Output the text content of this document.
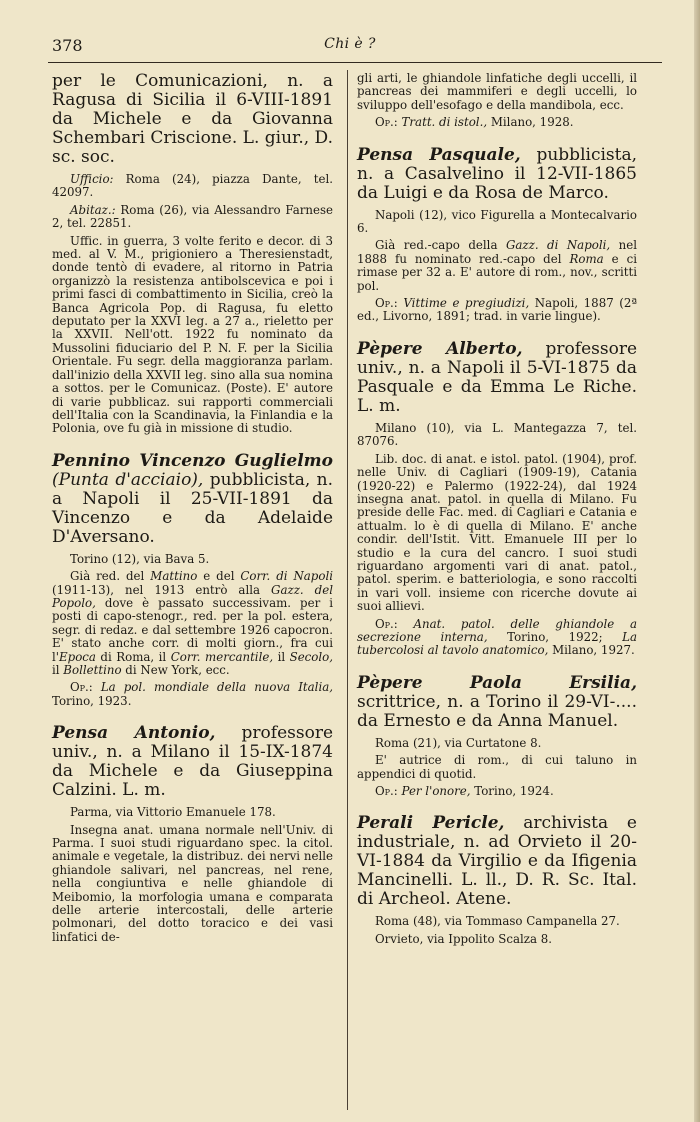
378	Chi è ?

per le Comunicazioni, n. a Ragusa di Sicilia il 6-VIII-1891 da Michele e da Giovanna Schembari Criscione. L. giur., D. sc. soc.

Ufficio: Roma (24), piazza Dante, tel. 42097.

Abitaz.: Roma (26), via Alessandro Farnese 2, tel. 22851.

Uffic. in guerra, 3 volte ferito e decor. di 3 med. al V. M., prigioniero a Theresienstadt, donde tentò di evadere, al ritorno in Patria organizzò la resistenza antibolscevica e poi i primi fasci di combattimento in Sicilia, creò la Banca Agricola Pop. di Ragusa, fu eletto deputato per la XXVI leg. a 27 a., rieletto per la XXVII. Nell'ott. 1922 fu nominato da Mussolini fiduciario del P. N. F. per la Sicilia Orientale. Fu segr. della maggioranza parlam. dall'inizio della XXVII leg. sino alla sua nomina a sottos. per le Comunicaz. (Poste). E' autore di varie pubblicaz. sui rapporti commerciali dell'Italia con la Scandinavia, la Finlandia e la Polonia, ove fu già in missione di studio.

Pennino Vincenzo Guglielmo (Punta d'acciaio), pubblicista, n. a Napoli il 25-VII-1891 da Vincenzo e da Adelaide D'Aversano.

Torino (12), via Bava 5.

Già red. del Mattino e del Corr. di Napoli (1911-13), nel 1913 entrò alla Gazz. del Popolo, dove è passato successivam. per i posti di capo-stenogr., red. per la pol. estera, segr. di redaz. e dal settembre 1926 capocron. E' stato anche corr. di molti giorn., fra cui l'Epoca di Roma, il Corr. mercantile, il Secolo, il Bollettino di New York, ecc.

Op.: La pol. mondiale della nuova Italia, Torino, 1923.

Pensa Antonio, professore univ., n. a Milano il 15-IX-1874 da Michele e da Giuseppina Calzini. L. m.

Parma, via Vittorio Emanuele 178.

Insegna anat. umana normale nell'Univ. di Parma. I suoi studi riguardano spec. la citol. animale e vegetale, la distribuz. dei nervi nelle ghiandole salivari, nel pancreas, nel rene, nella congiuntiva e nelle ghiandole di Meibomio, la morfologia umana e comparata delle arterie intercostali, delle arterie polmonari, del dotto toracico e dei vasi linfatici de-

gli arti, le ghiandole linfatiche degli uccelli, il pancreas dei mammiferi e degli uccelli, lo sviluppo dell'esofago e della mandibola, ecc.

Op.: Tratt. di istol., Milano, 1928.

Pensa Pasquale, pubblicista, n. a Casalvelino il 12-VII-1865 da Luigi e da Rosa de Marco.

Napoli (12), vico Figurella a Montecalvario 6.

Già red.-capo della Gazz. di Napoli, nel 1888 fu nominato red.-capo del Roma e ci rimase per 32 a. E' autore di rom., nov., scritti pol.

Op.: Vittime e pregiudizi, Napoli, 1887 (2ª ed., Livorno, 1891; trad. in varie lingue).

Pèpere Alberto, professore univ., n. a Napoli il 5-VI-1875 da Pasquale e da Emma Le Riche. L. m.

Milano (10), via L. Mantegazza 7, tel. 87076.

Lib. doc. di anat. e istol. patol. (1904), prof. nelle Univ. di Cagliari (1909-19), Catania (1920-22) e Palermo (1922-24), dal 1924 insegna anat. patol. in quella di Milano. Fu preside delle Fac. med. di Cagliari e Catania e attualm. lo è di quella di Milano. E' anche condir. dell'Istit. Vitt. Emanuele III per lo studio e la cura del cancro. I suoi studi riguardano argomenti vari di anat. patol., patol. sperim. e batteriologia, e sono raccolti in vari voll. insieme con ricerche dovute ai suoi allievi.

Op.: Anat. patol. delle ghiandole a secrezione interna, Torino, 1922; La tubercolosi al tavolo anatomico, Milano, 1927.

Pèpere Paola Ersilia, scrittrice, n. a Torino il 29-VI-.... da Ernesto e da Anna Manuel.

Roma (21), via Curtatone 8.

E' autrice di rom., di cui taluno in appendici di quotid.

Op.: Per l'onore, Torino, 1924.

Perali Pericle, archivista e industriale, n. ad Orvieto il 20-VI-1884 da Virgilio e da Ifigenia Mancinelli. L. ll., D. R. Sc. Ital. di Archeol. Atene.

Roma (48), via Tommaso Campanella 27.

Orvieto, via Ippolito Scalza 8.
